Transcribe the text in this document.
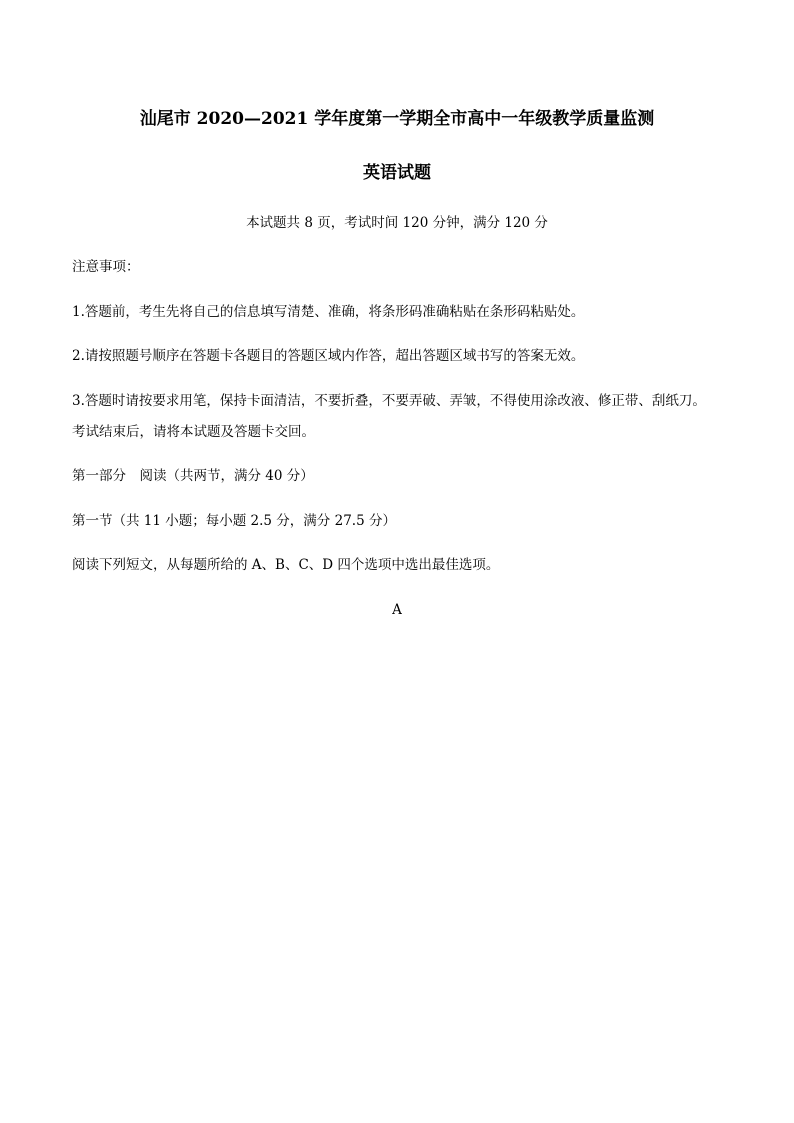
汕尾市 2020—2021 学年度第一学期全市高中一年级教学质量监测
英语试题
本试题共 8 页，考试时间 120 分钟，满分 120 分
注意事项：
1.答题前，考生先将自己的信息填写清楚、准确，将条形码准确粘贴在条形码粘贴处。
2.请按照题号顺序在答题卡各题目的答题区域内作答，超出答题区域书写的答案无效。
3.答题时请按要求用笔，保持卡面清洁，不要折叠，不要弄破、弄皱，不得使用涂改液、修正带、刮纸刀。
考试结束后，请将本试题及答题卡交回。
第一部分　阅读（共两节，满分 40 分）
第一节（共 11 小题；每小题 2.5 分，满分 27.5 分）
阅读下列短文，从每题所给的 A、B、C、D 四个选项中选出最佳选项。
A
